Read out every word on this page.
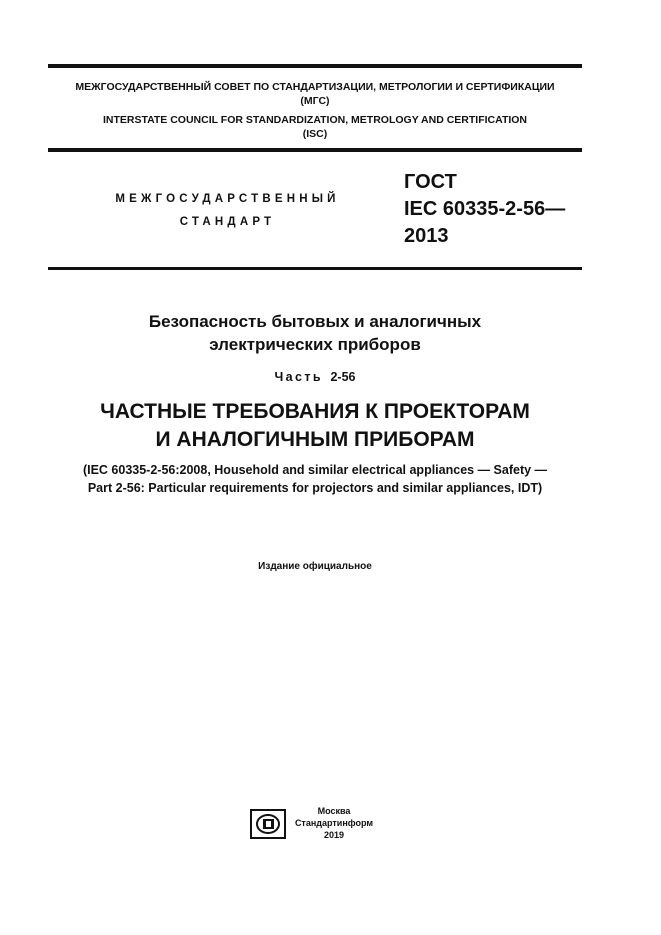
МЕЖГОСУДАРСТВЕННЫЙ СОВЕТ ПО СТАНДАРТИЗАЦИИ, МЕТРОЛОГИИ И СЕРТИФИКАЦИИ
(МГС)
INTERSTATE COUNCIL FOR STANDARDIZATION, METROLOGY AND CERTIFICATION
(ISC)
МЕЖГОСУДАРСТВЕННЫЙ
СТАНДАРТ
ГОСТ
IEC 60335-2-56—
2013
Безопасность бытовых и аналогичных
электрических приборов
Часть 2-56
ЧАСТНЫЕ ТРЕБОВАНИЯ К ПРОЕКТОРАМ
И АНАЛОГИЧНЫМ ПРИБОРАМ
(IEC 60335-2-56:2008, Household and similar electrical appliances — Safety —
Part 2-56: Particular requirements for projectors and similar appliances, IDT)
Издание официальное
Москва
Стандартинформ
2019
